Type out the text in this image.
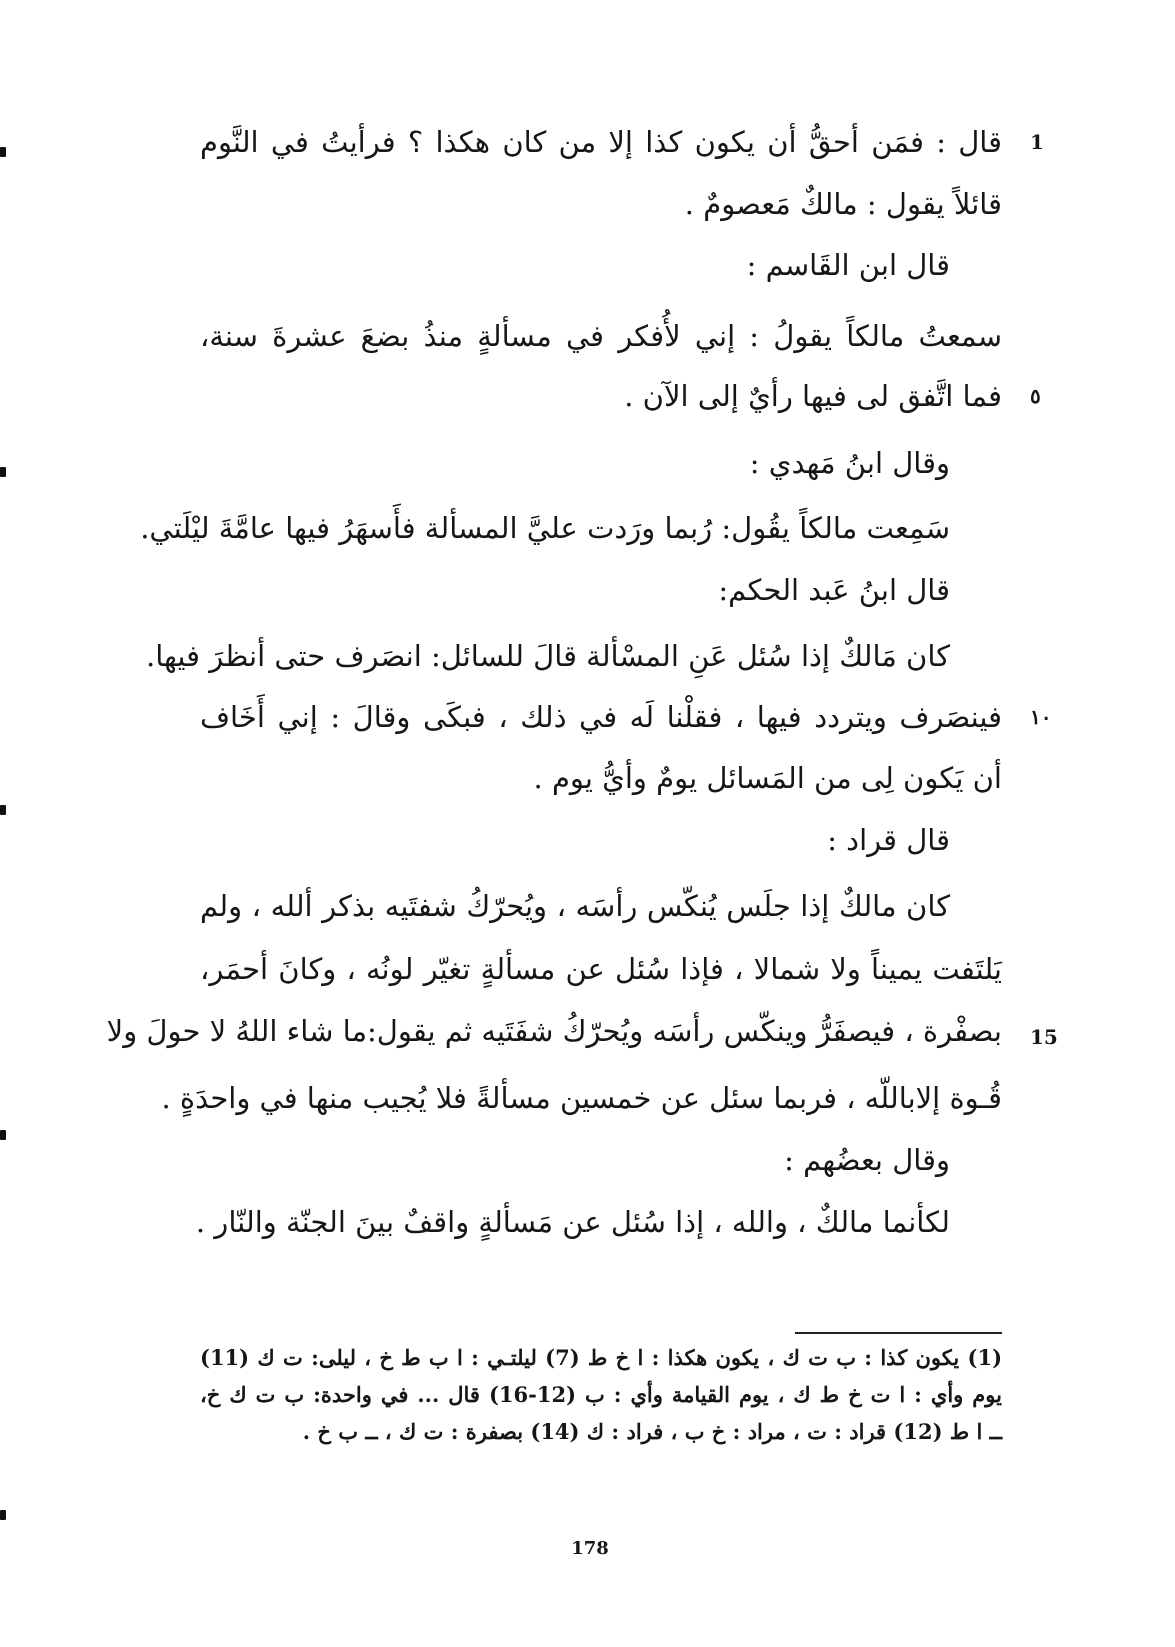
قال : فمَن أحقُّ أن يكون كذا إلا من كان هكذا ؟ فرأيتُ في النَّوم 1
قائلاً يقول : مالكٌ مَعصومٌ .
قال ابن القَاسم :
سمعتُ مالكاً يقولُ : إني لأُفكر في مسألةٍ منذُ بضعَ عشرةَ سنة،
فما اتَّفق لى فيها رأيٌ إلى الآن . ٥
وقال ابنُ مَهدي :
سَمِعت مالكاً يقُول: رُبما ورَدت عليَّ المسألة فأَسهَرُ فيها عامَّةَ ليْلَتي.
قال ابنُ عَبد الحكم:
كان مَالكٌ إذا سُئل عَنِ المسْألة قالَ للسائل: انصَرف حتى أنظرَ فيها.
فينصَرف ويتردد فيها ، فقلْنا لَه في ذلك ، فبكَى وقالَ : إني أَخَاف ١٠
أن يَكون لِى من المَسائل يومٌ وأيُّ يوم .
قال قراد :
كان مالكٌ إذا جلَس يُنكّس رأسَه ، ويُحرّكُ شفتَيه بذكر ألله ، ولم
يَلتَفت يميناً ولا شمالا ، فإذا سُئل عن مسألةٍ تغيّر لونُه ، وكانَ أحمَر،
بصفْرة ، فيصفَرُّ وينكّس رأسَه ويُحرّكُ شفَتَيه ثم يقول:ما شاء اللهُ لا حولَ ولا 15
قُـوة إلاباللّه ، فربما سئل عن خمسين مسألةً فلا يُجيب منها في واحدَةٍ .
وقال بعضُهم :
لكأنما مالكٌ ، والله ، إذا سُئل عن مَسألةٍ واقفٌ بينَ الجنّة والنّار .
(1) يكون كذا : ب ت ك ، يكون هكذا : ا خ ط (7) ليلتـي : ا ب ط خ ، ليلى: ت ك (11)
يوم وأي : ا ت خ ط ك ، يوم القيامة وأي : ب (12-16) قال ... في واحدة: ب ت ك خ،
ــ ا ط (12) قراد : ت ، مراد : خ ب ، فراد : ك (14) بصفرة : ت ك ، ــ ب خ .
178
